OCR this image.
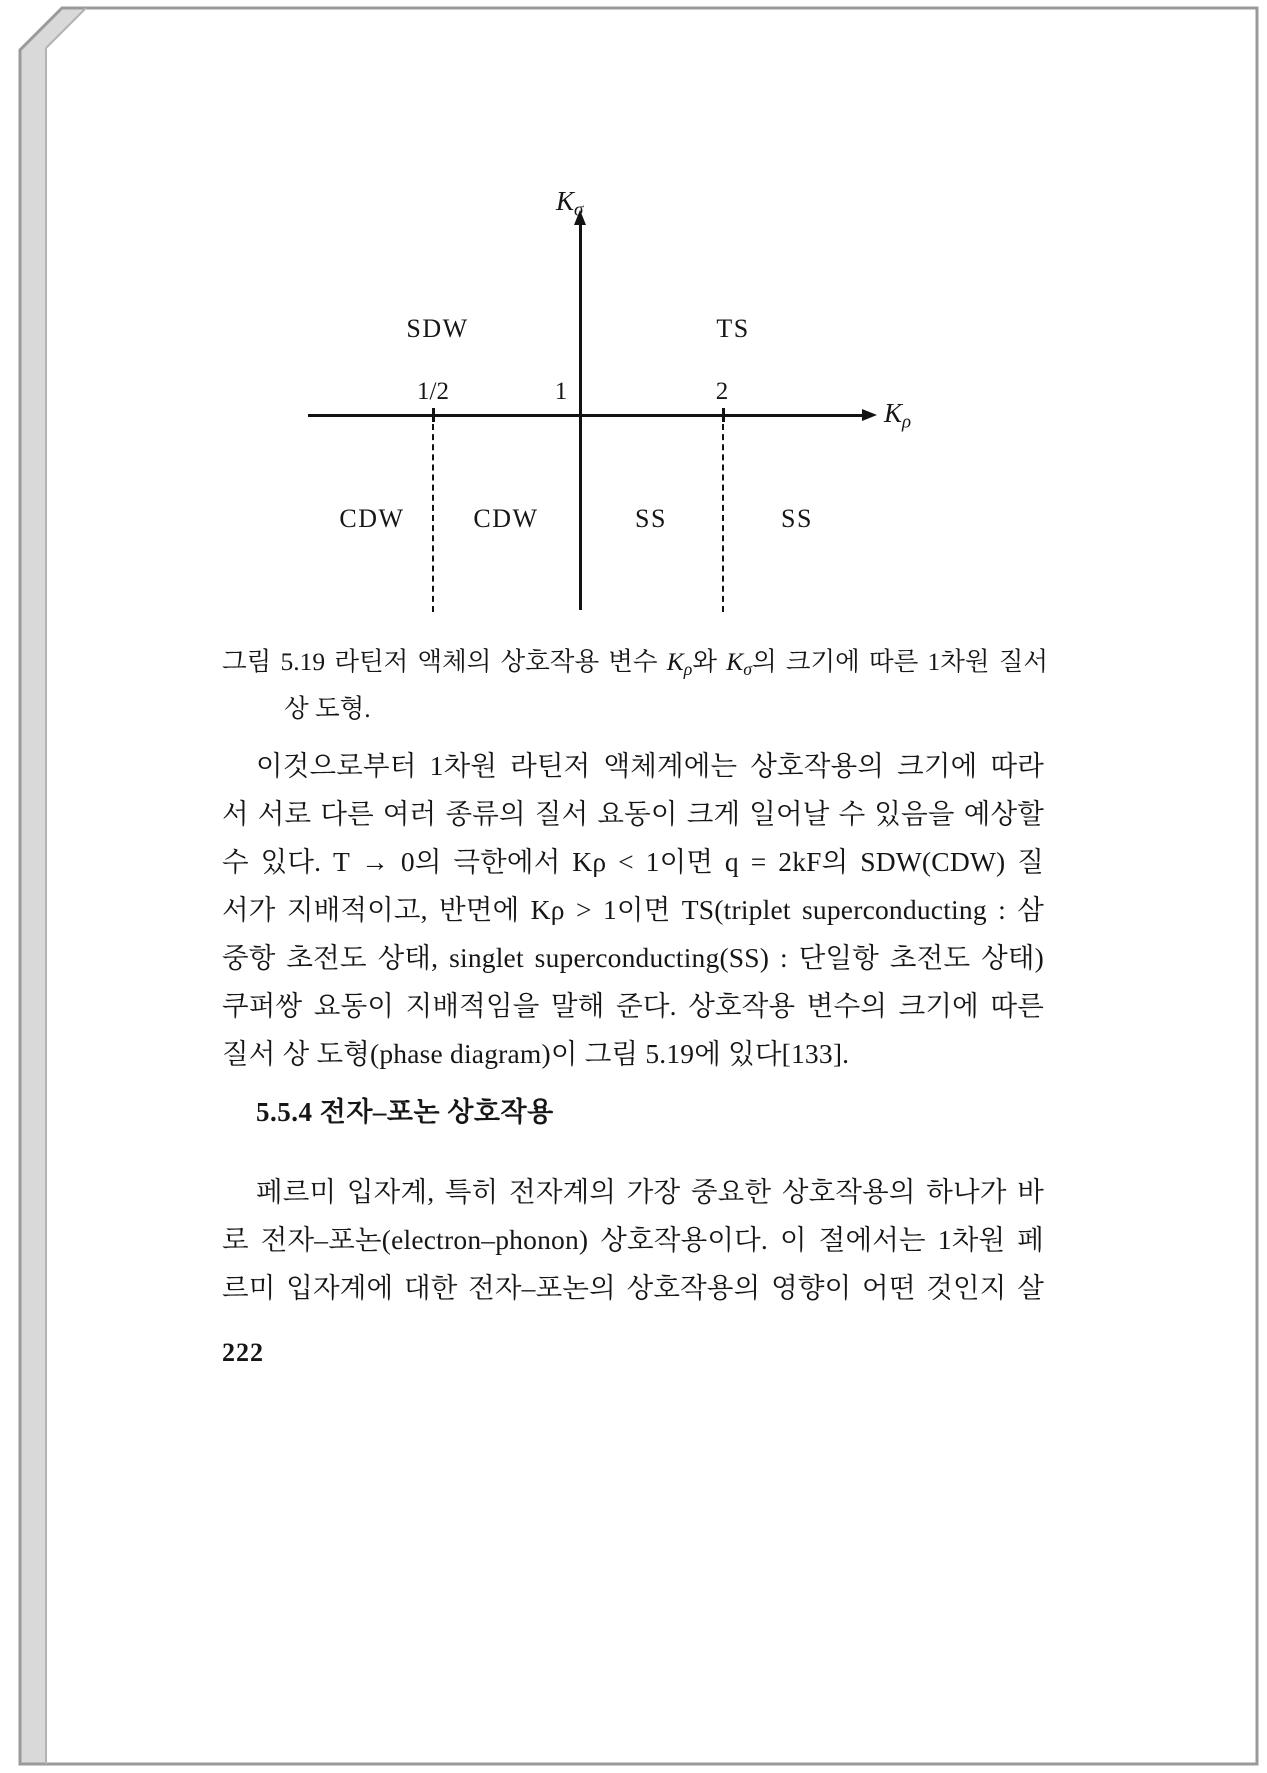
Kσ
Kρ
1/2	1	2
SDW	TS
CDW	CDW	SS	SS
그림 5.19 라틴저 액체의 상호작용 변수 Kρ와 Kσ의 크기에 따른 1차원 질서
상 도형.
이것으로부터 1차원 라틴저 액체계에는 상호작용의 크기에 따라
서 서로 다른 여러 종류의 질서 요동이 크게 일어날 수 있음을 예상할
수 있다. T → 0의 극한에서 Kρ < 1이면 q = 2kF의 SDW(CDW) 질
서가 지배적이고, 반면에 Kρ > 1이면 TS(triplet superconducting : 삼
중항 초전도 상태, singlet superconducting(SS) : 단일항 초전도 상태)
쿠퍼쌍 요동이 지배적임을 말해 준다. 상호작용 변수의 크기에 따른
질서 상 도형(phase diagram)이 그림 5.19에 있다[133].
5.5.4 전자–포논 상호작용
페르미 입자계, 특히 전자계의 가장 중요한 상호작용의 하나가 바
로 전자–포논(electron–phonon) 상호작용이다. 이 절에서는 1차원 페
르미 입자계에 대한 전자–포논의 상호작용의 영향이 어떤 것인지 살
222
